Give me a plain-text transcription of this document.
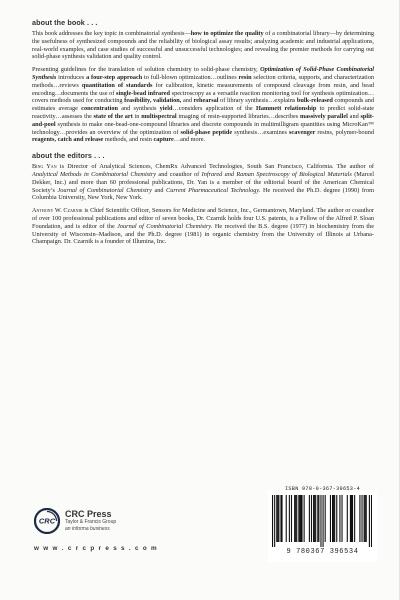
about the book . . .

This book addresses the key topic in combinatorial synthesis—how to optimize the quality of a combinatorial library—by determining the usefulness of synthesized compounds and the reliability of biological assay results; analyzing academic and industrial applications, real-world examples, and case studies of successful and unsuccessful technologies; and revealing the premier methods for carrying out solid-phase synthesis validation and quality control.

Presenting guidelines for the translation of solution chemistry to solid-phase chemistry, Optimization of Solid-Phase Combinatorial Synthesis introduces a four-step approach to full-blown optimization…outlines resin selection criteria, supports, and characterization methods…reviews quantitation of standards for calibration, kinetic measurements of compound cleavage from resin, and bead encoding…documents the use of single-bead infrared spectroscopy as a versatile reaction monitoring tool for synthesis optimization…covers methods used for conducting feasibility, validation, and rehearsal of library synthesis…explains bulk-released compounds and estimates average concentration and synthesis yield…considers application of the Hammett relationship to predict solid-state reactivity…assesses the state of the art in multispectral imaging of resin-supported libraries…describes massively parallel and split-and-pool synthesis to make one-bead-one-compound libraries and discrete compounds in multimilligram quantities using MicroKan™ technology…provides an overview of the optimization of solid-phase peptide synthesis…examines scavenger resins, polymer-bound reagents, catch and release methods, and resin capture…and more.

about the editors . . .

Bing Yan is Director of Analytical Sciences, ChemRx Advanced Technologies, South San Francisco, California. The author of Analytical Methods in Combinatorial Chemistry and coauthor of Infrared and Raman Spectroscopy of Biological Materials (Marcel Dekker, Inc.) and more than 60 professional publications, Dr. Yan is a member of the editorial board of the American Chemical Society’s Journal of Combinatorial Chemistry and Current Pharmaceutical Technology. He received the Ph.D. degree (1990) from Columbia University, New York, New York.

Anthony W. Czarnik is Chief Scientific Officer, Sensors for Medicine and Science, Inc., Germantown, Maryland. The author or coauthor of over 100 professional publications and editor of seven books, Dr. Czarnik holds four U.S. patents, is a Fellow of the Alfred P. Sloan Foundation, and is editor of the Journal of Combinatorial Chemistry. He received the B.S. degree (1977) in biochemistry from the University of Wisconsin–Madison, and the Ph.D. degree (1981) in organic chemistry from the University of Illinois at Urbana-Champaign. Dr. Czarnik is a founder of Illumina, Inc.

CRC
CRC Press
Taylor & Francis Group
an informa business
w w w . c r c p r e s s . c o m
ISBN 978-0-367-39653-4
9 780367 396534
